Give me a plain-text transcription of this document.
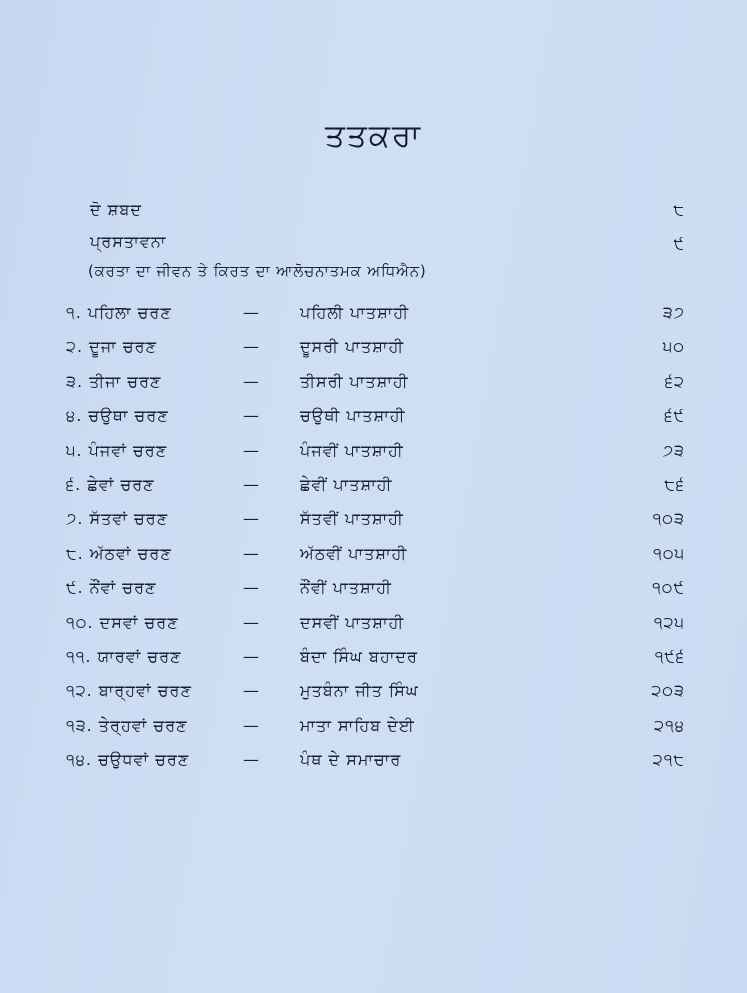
ਤਤਕਰਾ
ਦੋ ਸ਼ਬਦ	੮
ਪ੍ਰਸਤਾਵਨਾ	੯
(ਕਰਤਾ ਦਾ ਜੀਵਨ ਤੇ ਕਿਰਤ ਦਾ ਆਲੋਚਨਾਤਮਕ ਅਧਿਐਨ)
੧. ਪਹਿਲਾ ਚਰਣ	—	ਪਹਿਲੀ ਪਾਤਸ਼ਾਹੀ	੩੭
੨. ਦੂਜਾ ਚਰਣ	—	ਦੂਸਰੀ ਪਾਤਸ਼ਾਹੀ	੫੦
੩. ਤੀਜਾ ਚਰਣ	—	ਤੀਸਰੀ ਪਾਤਸ਼ਾਹੀ	੬੨
੪. ਚਉਥਾ ਚਰਣ	—	ਚਉਥੀ ਪਾਤਸ਼ਾਹੀ	੬੯
੫. ਪੰਜਵਾਂ ਚਰਣ	—	ਪੰਜਵੀਂ ਪਾਤਸ਼ਾਹੀ	੭੩
੬. ਛੇਵਾਂ ਚਰਣ	—	ਛੇਵੀਂ ਪਾਤਸ਼ਾਹੀ	੮੬
੭. ਸੱਤਵਾਂ ਚਰਣ	—	ਸੱਤਵੀਂ ਪਾਤਸ਼ਾਹੀ	੧੦੩
੮. ਅੱਠਵਾਂ ਚਰਣ	—	ਅੱਠਵੀਂ ਪਾਤਸ਼ਾਹੀ	੧੦੫
੯. ਨੌਂਵਾਂ ਚਰਣ	—	ਨੌਂਵੀਂ ਪਾਤਸ਼ਾਹੀ	੧੦੯
੧੦. ਦਸਵਾਂ ਚਰਣ	—	ਦਸਵੀਂ ਪਾਤਸ਼ਾਹੀ	੧੨੫
੧੧. ਯਾਰਵਾਂ ਚਰਣ	—	ਬੰਦਾ ਸਿੰਘ ਬਹਾਦਰ	੧੯੬
੧੨. ਬਾਰ੍ਹਵਾਂ ਚਰਣ	—	ਮੁਤਬੰਨਾ ਜੀਤ ਸਿੰਘ	੨੦੩
੧੩. ਤੇਰ੍ਹਵਾਂ ਚਰਣ	—	ਮਾਤਾ ਸਾਹਿਬ ਦੇਈ	੨੧੪
੧੪. ਚਉਧਵਾਂ ਚਰਣ	—	ਪੰਥ ਦੇ ਸਮਾਚਾਰ	੨੧੮
